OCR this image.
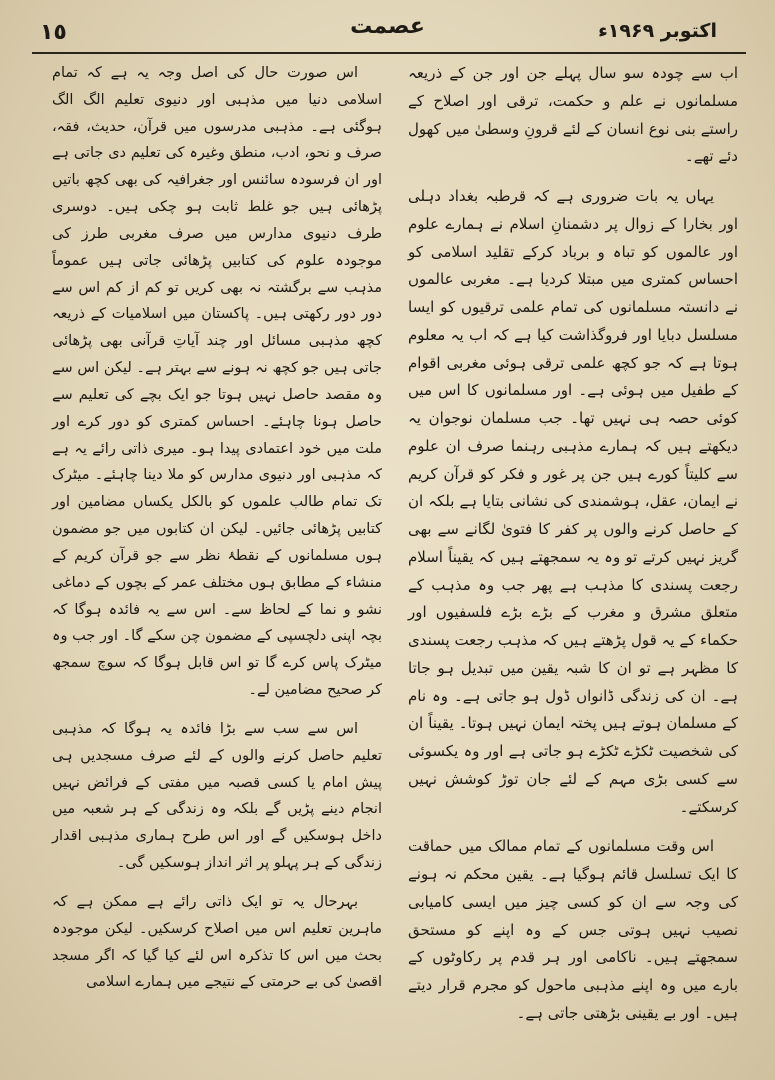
١٥	عصمت	اکتوبر ۱۹۶۹ء

اب سے چودہ سو سال پہلے جن اور جن کے ذریعہ مسلمانوں نے علم و حکمت، ترقی اور اصلاح کے راستے بنی نوع انسان کے لئے قرونِ وسطیٰ میں کھول دئے تھے۔

یہاں یہ بات ضروری ہے کہ قرطبہ بغداد دہلی اور بخارا کے زوال پر دشمنانِ اسلام نے ہمارے علوم اور عالموں کو تباہ و برباد کرکے تقلید اسلامی کو احساس کمتری میں مبتلا کردیا ہے۔ مغربی عالموں نے دانستہ مسلمانوں کی تمام علمی ترقیوں کو ایسا مسلسل دبایا اور فروگذاشت کیا ہے کہ اب یہ معلوم ہوتا ہے کہ جو کچھ علمی ترقی ہوئی مغربی اقوام کے طفیل میں ہوئی ہے۔ اور مسلمانوں کا اس میں کوئی حصہ ہی نہیں تھا۔ جب مسلمان نوجوان یہ دیکھتے ہیں کہ ہمارے مذہبی رہنما صرف ان علوم سے کلیتاً کورے ہیں جن پر غور و فکر کو قرآن کریم نے ایمان، عقل، ہوشمندی کی نشانی بتایا ہے بلکہ ان کے حاصل کرنے والوں پر کفر کا فتویٰ لگانے سے بھی گریز نہیں کرتے تو وہ یہ سمجھتے ہیں کہ یقیناً اسلام رجعت پسندی کا مذہب ہے پھر جب وہ مذہب کے متعلق مشرق و مغرب کے بڑے بڑے فلسفیوں اور حکماء کے یہ قول پڑھتے ہیں کہ مذہب رجعت پسندی کا مظہر ہے تو ان کا شبہ یقین میں تبدیل ہو جاتا ہے۔ ان کی زندگی ڈانواں ڈول ہو جاتی ہے۔ وہ نام کے مسلمان ہوتے ہیں پختہ ایمان نہیں ہوتا۔ یقیناً ان کی شخصیت ٹکڑے ٹکڑے ہو جاتی ہے اور وہ یکسوئی سے کسی بڑی مہم کے لئے جان توڑ کوشش نہیں کرسکتے۔

اس وقت مسلمانوں کے تمام ممالک میں حماقت کا ایک تسلسل قائم ہوگیا ہے۔ یقین محکم نہ ہونے کی وجہ سے ان کو کسی چیز میں ایسی کامیابی نصیب نہیں ہوتی جس کے وہ اپنے کو مستحق سمجھتے ہیں۔ ناکامی اور ہر قدم پر رکاوٹوں کے بارے میں وہ اپنے مذہبی ماحول کو مجرم قرار دیتے ہیں۔ اور بے یقینی بڑھتی جاتی ہے۔

اس صورت حال کی اصل وجہ یہ ہے کہ تمام اسلامی دنیا میں مذہبی اور دنیوی تعلیم الگ الگ ہوگئی ہے۔ مذہبی مدرسوں میں قرآن، حدیث، فقہ، صرف و نحو، ادب، منطق وغیرہ کی تعلیم دی جاتی ہے اور ان فرسودہ سائنس اور جغرافیہ کی بھی کچھ باتیں پڑھائی ہیں جو غلط ثابت ہو چکی ہیں۔ دوسری طرف دنیوی مدارس میں صرف مغربی طرز کی موجودہ علوم کی کتابیں پڑھائی جاتی ہیں عموماً مذہب سے برگشتہ نہ بھی کریں تو کم از کم اس سے دور دور رکھتی ہیں۔ پاکستان میں اسلامیات کے ذریعہ کچھ مذہبی مسائل اور چند آیاتِ قرآنی بھی پڑھائی جاتی ہیں جو کچھ نہ ہونے سے بہتر ہے۔ لیکن اس سے وہ مقصد حاصل نہیں ہوتا جو ایک بچے کی تعلیم سے حاصل ہونا چاہئے۔ احساس کمتری کو دور کرے اور ملت میں خود اعتمادی پیدا ہو۔ میری ذاتی رائے یہ ہے کہ مذہبی اور دنیوی مدارس کو ملا دینا چاہئے۔ میٹرک تک تمام طالب علموں کو بالکل یکساں مضامین اور کتابیں پڑھائی جائیں۔ لیکن ان کتابوں میں جو مضمون ہوں مسلمانوں کے نقطۂ نظر سے جو قرآن کریم کے منشاء کے مطابق ہوں مختلف عمر کے بچوں کے دماغی نشو و نما کے لحاظ سے۔ اس سے یہ فائدہ ہوگا کہ بچہ اپنی دلچسپی کے مضمون چن سکے گا۔ اور جب وہ میٹرک پاس کرے گا تو اس قابل ہوگا کہ سوچ سمجھ کر صحیح مضامین لے۔

اس سے سب سے بڑا فائدہ یہ ہوگا کہ مذہبی تعلیم حاصل کرنے والوں کے لئے صرف مسجدیں ہی پیش امام یا کسی قصبہ میں مفتی کے فرائض نہیں انجام دینے پڑیں گے بلکہ وہ زندگی کے ہر شعبہ میں داخل ہوسکیں گے اور اس طرح ہماری مذہبی اقدار زندگی کے ہر پہلو پر اثر انداز ہوسکیں گی۔

بہرحال یہ تو ایک ذاتی رائے ہے ممکن ہے کہ ماہرین تعلیم اس میں اصلاح کرسکیں۔ لیکن موجودہ بحث میں اس کا تذکرہ اس لئے کیا گیا کہ اگر مسجد اقصیٰ کی بے حرمتی کے نتیجے میں ہمارے اسلامی
